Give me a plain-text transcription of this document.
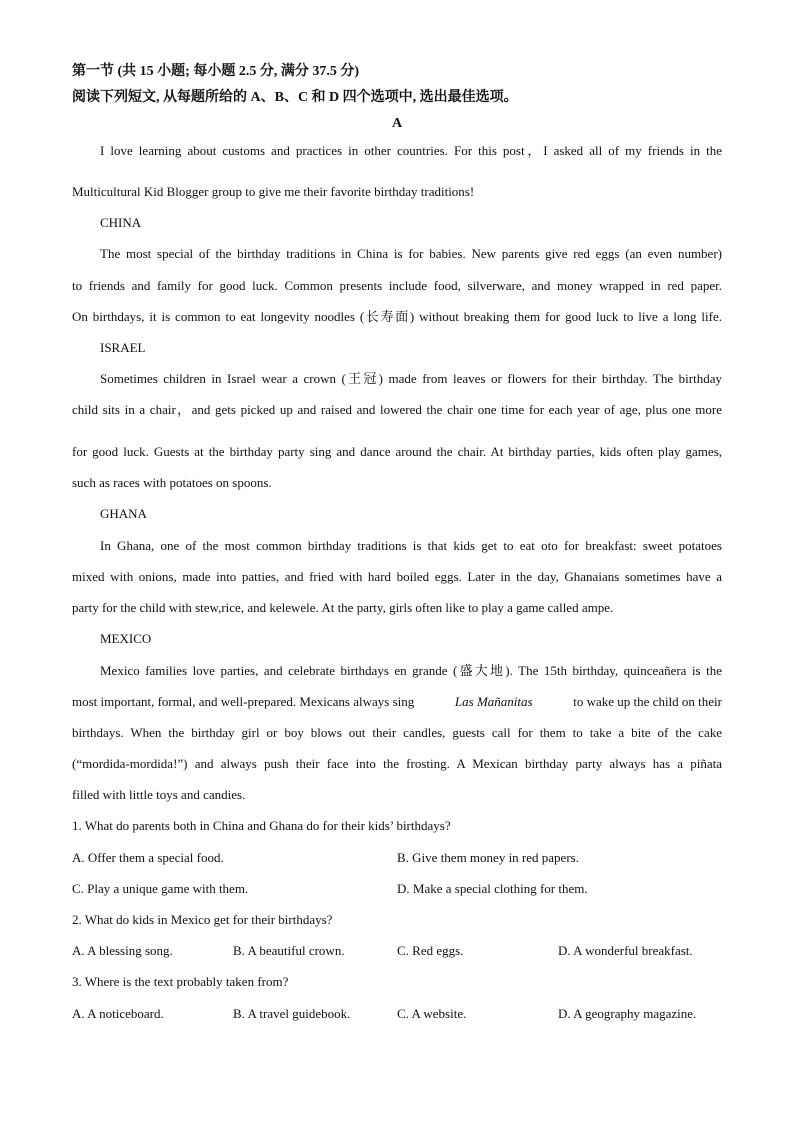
第一节 (共 15 小题; 每小题 2.5 分, 满分 37.5 分)
阅读下列短文, 从每题所给的 A、B、C 和 D 四个选项中, 选出最佳选项。
A
I love learning about customs and practices in other countries. For this post，I asked all of my friends in the
Multicultural Kid Blogger group to give me their favorite birthday traditions!
CHINA
The most special of the birthday traditions in China is for babies. New parents give red eggs (an even number)
to friends and family for good luck. Common presents include food, silverware, and money wrapped in red paper.
On birthdays, it is common to eat longevity noodles (长寿面) without breaking them for good luck to live a long life.
ISRAEL
Sometimes children in Israel wear a crown (王冠) made from leaves or flowers for their birthday. The birthday
child sits in a chair，and gets picked up and raised and lowered the chair one time for each year of age, plus one more
for good luck. Guests at the birthday party sing and dance around the chair. At birthday parties, kids often play games,
such as races with potatoes on spoons.
GHANA
In Ghana, one of the most common birthday traditions is that kids get to eat oto for breakfast: sweet potatoes
mixed with onions, made into patties, and fried with hard boiled eggs. Later in the day, Ghanaians sometimes have a
party for the child with stew,rice, and kelewele. At the party, girls often like to play a game called ampe.
MEXICO
Mexico families love parties, and celebrate birthdays en grande (盛大地). The 15th birthday, quinceañera is the
most important, formal, and well-prepared. Mexicans always sing	Las Mañanitas	to wake up the child on their
birthdays. When the birthday girl or boy blows out their candles, guests call for them to take a bite of the cake
(“mordida-mordida!”) and always push their face into the frosting. A Mexican birthday party always has a piñata
filled with little toys and candies.
1. What do parents both in China and Ghana do for their kids’ birthdays?
A. Offer them a special food.	B. Give them money in red papers.
C. Play a unique game with them.	D. Make a special clothing for them.
2. What do kids in Mexico get for their birthdays?
A. A blessing song.	B. A beautiful crown.	C. Red eggs.	D. A wonderful breakfast.
3. Where is the text probably taken from?
A. A noticeboard.	B. A travel guidebook.	C. A website.	D. A geography magazine.
